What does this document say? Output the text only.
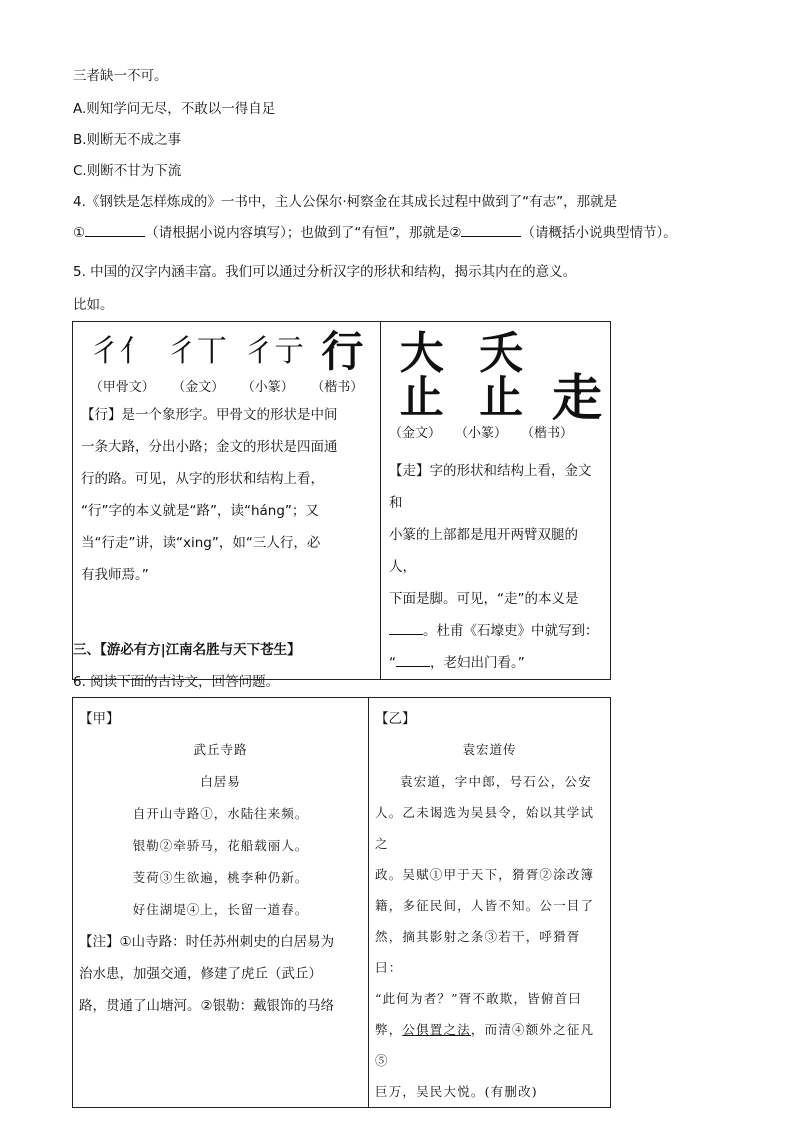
三者缺一不可。
A.则知学问无尽，不敢以一得自足
B.则断无不成之事
C.则断不甘为下流
4.《钢铁是怎样炼成的》一书中，主人公保尔·柯察金在其成长过程中做到了“有志”，那就是
①	（请根据小说内容填写）；也做到了“有恒”，那就是②	（请概括小说典型情节）。
5. 中国的汉字内涵丰富。我们可以通过分析汉字的形状和结构，揭示其内在的意义。
比如。
⼻⺅ ⼻丅 彳亍 行
（甲骨文） （金文） （小篆） （楷书）
【行】是一个象形字。甲骨文的形状是中间
一条大路，分出小路；金文的形状是四面通
行的路。可见，从字的形状和结构上看，
“行”字的本义就是“路”，读“háng”；又
当“行走”讲，读“xing”，如“三人行，必
有我师焉。”

⼤⽌
夭⽌ 走
（金文） （小篆） （楷书）
【走】字的形状和结构上看，金文和
小篆的上部都是甩开两臂双腿的人，
下面是脚。可见，“走”的本义是
。杜甫《石壕吏》中就写到：
“	，老妇出门看。”
三、【游必有方|江南名胜与天下苍生】
6. 阅读下面的古诗文，回答问题。
【甲】
武丘寺路
白居易
自开山寺路①，水陆往来频。
银勒②牵骄马，花船载丽人。
芰荷③生欲遍，桃李种仍新。
好住湖堤④上，长留一道春。
【注】①山寺路：时任苏州刺史的白居易为
治水患，加强交通，修建了虎丘（武丘）
路，贯通了山塘河。②银勒：戴银饰的马络

【乙】
袁宏道传
袁宏道，字中郎，号石公，公安
人。乙未谒选为吴县令，始以其学试之
政。吴赋①甲于天下，猾胥②涂改簿
籍，多征民间，人皆不知。公一目了
然，摘其影射之条③若干，呼猾胥曰：
“此何为者？”胥不敢欺，皆俯首曰
弊，公俱置之法，而清④额外之征凡⑤
巨万，吴民大悦。(有删改)
